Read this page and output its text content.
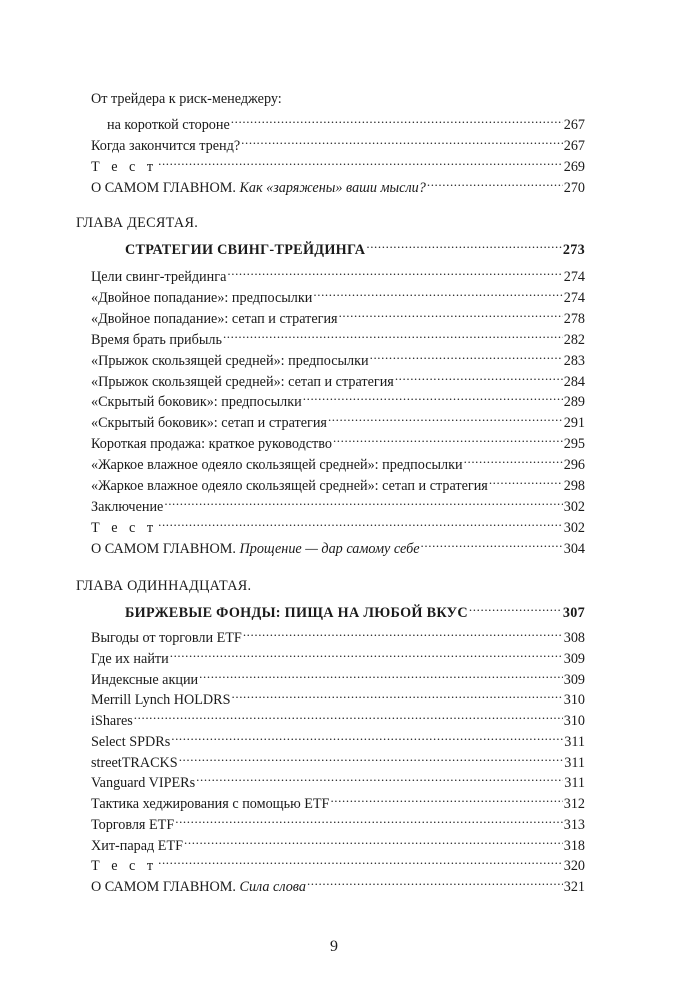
От трейдера к риск-менеджеру:
на короткой стороне .....	267
Когда закончится тренд? .....	267
Т е с т .....	269
О САМОМ ГЛАВНОМ. Как «заряжены» ваши мысли? .....	270
ГЛАВА ДЕСЯТАЯ.
СТРАТЕГИИ СВИНГ-ТРЕЙДИНГА .....	273
Цели свинг-трейдинга .....	274
«Двойное попадание»: предпосылки .....	274
«Двойное попадание»: сетап и стратегия .....	278
Время брать прибыль .....	282
«Прыжок скользящей средней»: предпосылки .....	283
«Прыжок скользящей средней»: сетап и стратегия .....	284
«Скрытый боковик»: предпосылки .....	289
«Скрытый боковик»: сетап и стратегия .....	291
Короткая продажа: краткое руководство .....	295
«Жаркое влажное одеяло скользящей средней»: предпосылки .....	296
«Жаркое влажное одеяло скользящей средней»: сетап и стратегия .....	298
Заключение .....	302
Т е с т .....	302
О САМОМ ГЛАВНОМ. Прощение — дар самому себе .....	304
ГЛАВА ОДИННАДЦАТАЯ.
БИРЖЕВЫЕ ФОНДЫ: ПИЩА НА ЛЮБОЙ ВКУС .....	307
Выгоды от торговли ETF .....	308
Где их найти .....	309
Индексные акции .....	309
Merrill Lynch HOLDRS .....	310
iShares .....	310
Select SPDRs .....	311
streetTRACKS .....	311
Vanguard VIPERs .....	311
Тактика хеджирования с помощью ETF .....	312
Торговля ETF .....	313
Хит-парад ETF .....	318
Т е с т .....	320
О САМОМ ГЛАВНОМ. Сила слова .....	321
9
